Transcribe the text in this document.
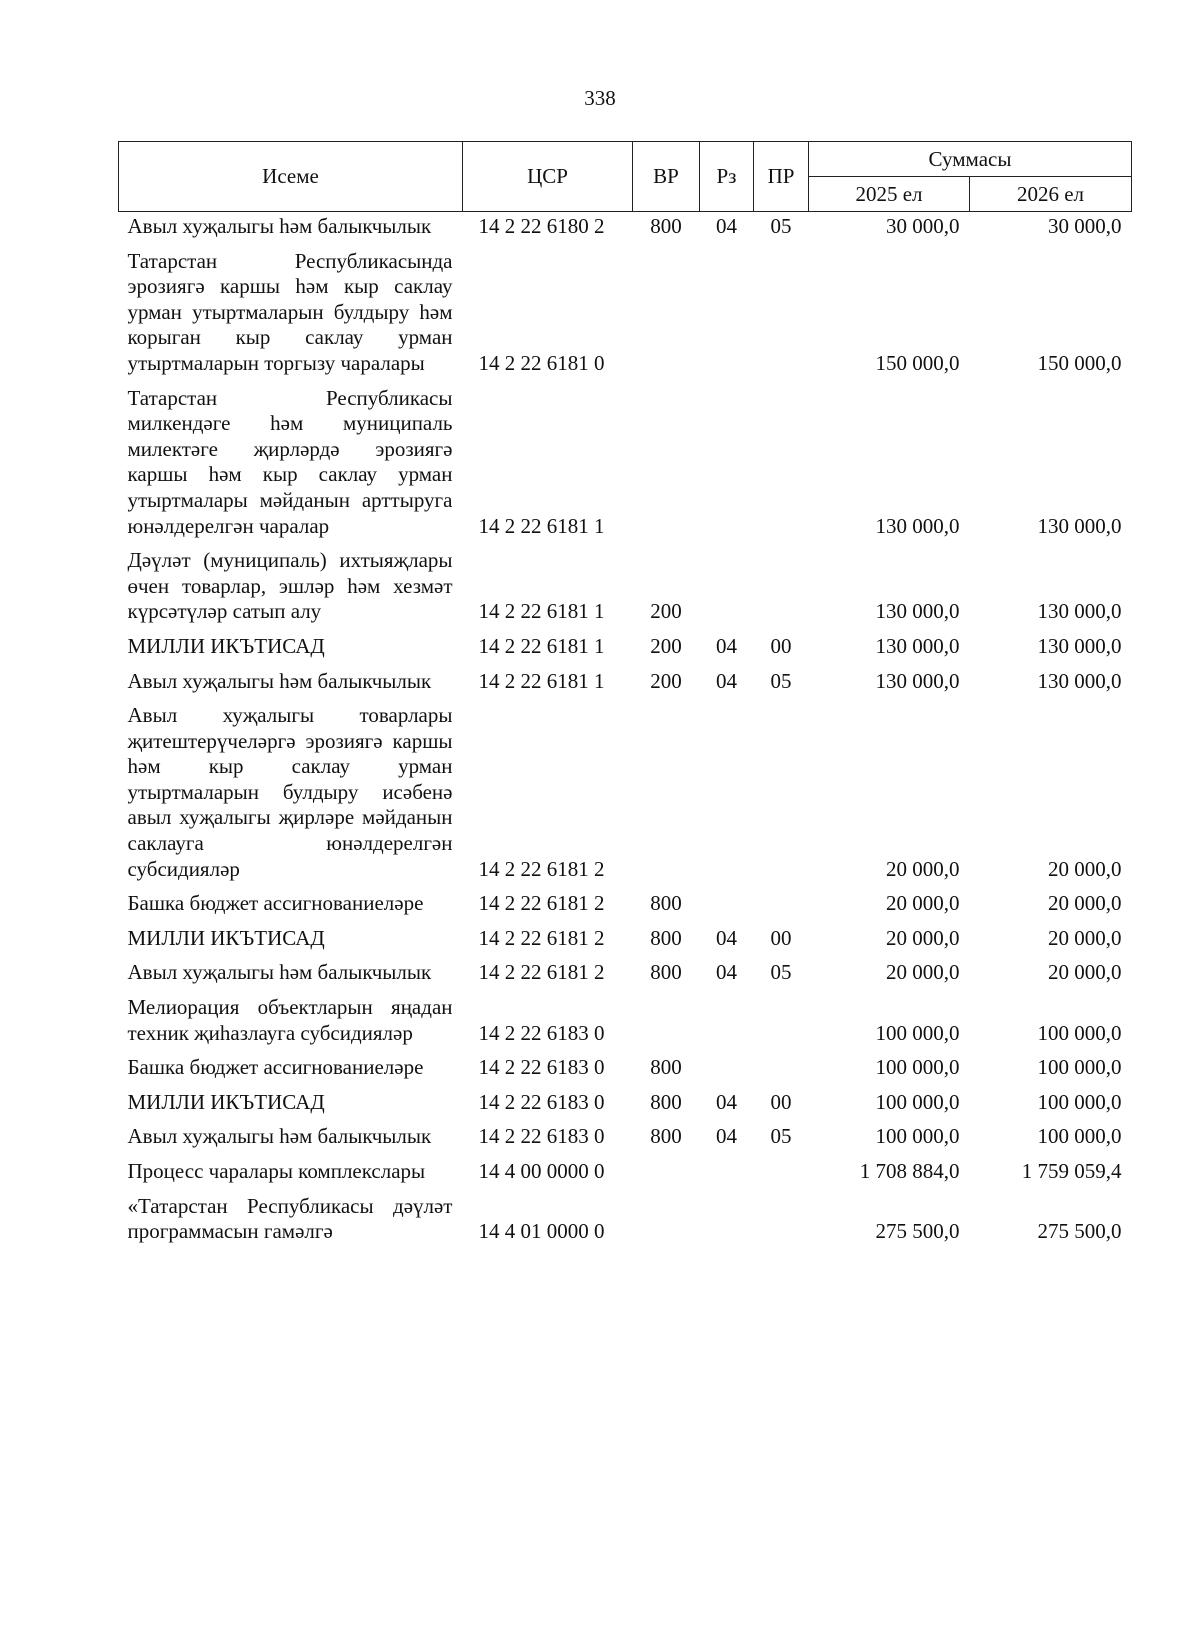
338
Исеме	ЦСР	ВР	Рз	ПР	Суммасы	
					2025 ел	2026 ел
Авыл хуҗалыгы һәм балыкчылык	14 2 22 6180 2	800	04	05	30 000,0	30 000,0
Татарстан Республикасында эрозиягә каршы һәм кыр саклау урман утыртмаларын булдыру һәм корыган кыр саклау урман утыртмаларын торгызу чаралары	14 2 22 6181 0				150 000,0	150 000,0
Татарстан Республикасы милкендәге һәм муниципаль милектәге җирләрдә эрозиягә каршы һәм кыр саклау урман утыртмалары мәйданын арттыруга юнәлдерелгән чаралар	14 2 22 6181 1				130 000,0	130 000,0
Дәүләт (муниципаль) ихтыяҗлары өчен товарлар, эшләр һәм хезмәт күрсәтүләр сатып алу	14 2 22 6181 1	200			130 000,0	130 000,0
МИЛЛИ ИКЪТИСАД	14 2 22 6181 1	200	04	00	130 000,0	130 000,0
Авыл хуҗалыгы һәм балыкчылык	14 2 22 6181 1	200	04	05	130 000,0	130 000,0
Авыл хуҗалыгы товарлары җитештерүчеләргә эрозиягә каршы һәм кыр саклау урман утыртмаларын булдыру исәбенә авыл хуҗалыгы җирләре мәйданын саклауга юнәлдерелгән субсидияләр	14 2 22 6181 2				20 000,0	20 000,0
Башка бюджет ассигнованиеләре	14 2 22 6181 2	800			20 000,0	20 000,0
МИЛЛИ ИКЪТИСАД	14 2 22 6181 2	800	04	00	20 000,0	20 000,0
Авыл хуҗалыгы һәм балыкчылык	14 2 22 6181 2	800	04	05	20 000,0	20 000,0
Мелиорация объектларын яңадан техник җиһазлауга субсидияләр	14 2 22 6183 0				100 000,0	100 000,0
Башка бюджет ассигнованиеләре	14 2 22 6183 0	800			100 000,0	100 000,0
МИЛЛИ ИКЪТИСАД	14 2 22 6183 0	800	04	00	100 000,0	100 000,0
Авыл хуҗалыгы һәм балыкчылык	14 2 22 6183 0	800	04	05	100 000,0	100 000,0
Процесс чаралары комплекслары	14 4 00 0000 0				1 708 884,0	1 759 059,4
«Татарстан Республикасы дәүләт программасын гамәлгә	14 4 01 0000 0				275 500,0	275 500,0
